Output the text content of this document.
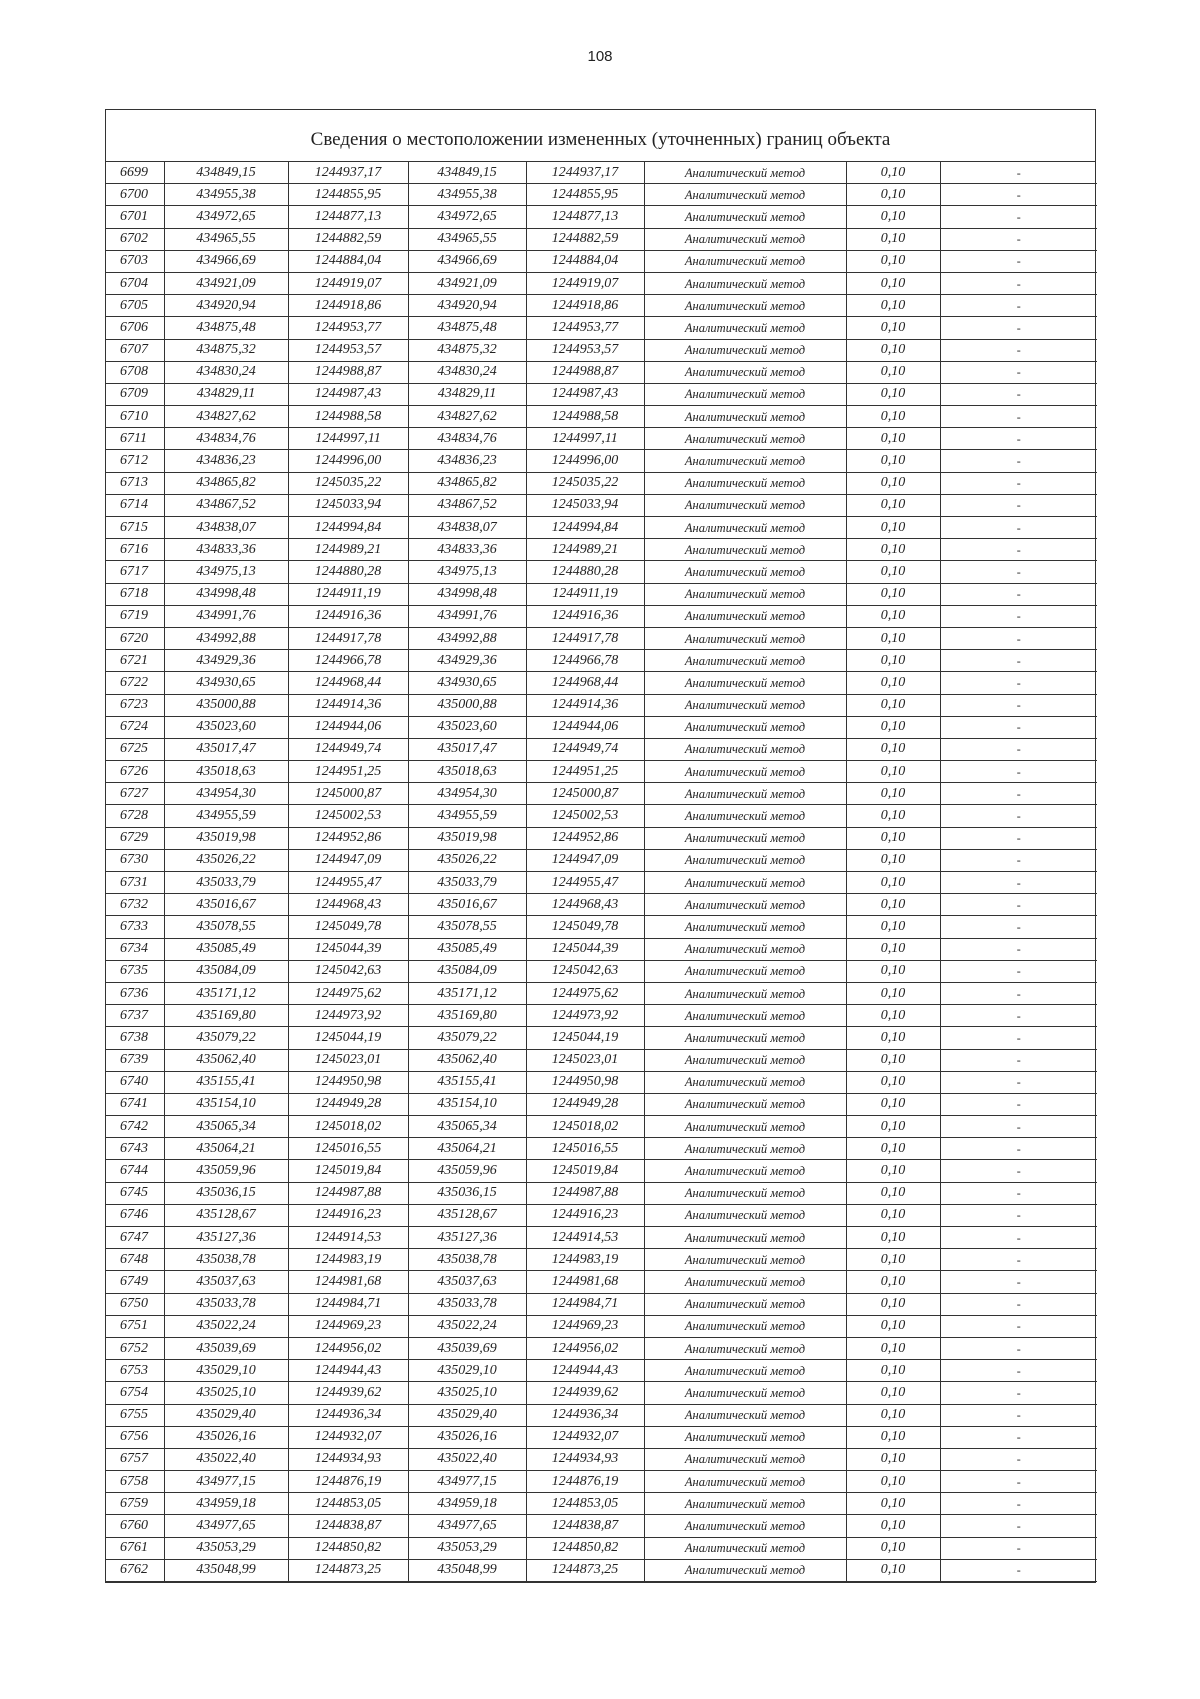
108
Сведения о местоположении измененных (уточненных) границ объекта
6699	434849,15	1244937,17	434849,15	1244937,17	Аналитический метод	0,10	-
6700	434955,38	1244855,95	434955,38	1244855,95	Аналитический метод	0,10	-
6701	434972,65	1244877,13	434972,65	1244877,13	Аналитический метод	0,10	-
6702	434965,55	1244882,59	434965,55	1244882,59	Аналитический метод	0,10	-
6703	434966,69	1244884,04	434966,69	1244884,04	Аналитический метод	0,10	-
6704	434921,09	1244919,07	434921,09	1244919,07	Аналитический метод	0,10	-
6705	434920,94	1244918,86	434920,94	1244918,86	Аналитический метод	0,10	-
6706	434875,48	1244953,77	434875,48	1244953,77	Аналитический метод	0,10	-
6707	434875,32	1244953,57	434875,32	1244953,57	Аналитический метод	0,10	-
6708	434830,24	1244988,87	434830,24	1244988,87	Аналитический метод	0,10	-
6709	434829,11	1244987,43	434829,11	1244987,43	Аналитический метод	0,10	-
6710	434827,62	1244988,58	434827,62	1244988,58	Аналитический метод	0,10	-
6711	434834,76	1244997,11	434834,76	1244997,11	Аналитический метод	0,10	-
6712	434836,23	1244996,00	434836,23	1244996,00	Аналитический метод	0,10	-
6713	434865,82	1245035,22	434865,82	1245035,22	Аналитический метод	0,10	-
6714	434867,52	1245033,94	434867,52	1245033,94	Аналитический метод	0,10	-
6715	434838,07	1244994,84	434838,07	1244994,84	Аналитический метод	0,10	-
6716	434833,36	1244989,21	434833,36	1244989,21	Аналитический метод	0,10	-
6717	434975,13	1244880,28	434975,13	1244880,28	Аналитический метод	0,10	-
6718	434998,48	1244911,19	434998,48	1244911,19	Аналитический метод	0,10	-
6719	434991,76	1244916,36	434991,76	1244916,36	Аналитический метод	0,10	-
6720	434992,88	1244917,78	434992,88	1244917,78	Аналитический метод	0,10	-
6721	434929,36	1244966,78	434929,36	1244966,78	Аналитический метод	0,10	-
6722	434930,65	1244968,44	434930,65	1244968,44	Аналитический метод	0,10	-
6723	435000,88	1244914,36	435000,88	1244914,36	Аналитический метод	0,10	-
6724	435023,60	1244944,06	435023,60	1244944,06	Аналитический метод	0,10	-
6725	435017,47	1244949,74	435017,47	1244949,74	Аналитический метод	0,10	-
6726	435018,63	1244951,25	435018,63	1244951,25	Аналитический метод	0,10	-
6727	434954,30	1245000,87	434954,30	1245000,87	Аналитический метод	0,10	-
6728	434955,59	1245002,53	434955,59	1245002,53	Аналитический метод	0,10	-
6729	435019,98	1244952,86	435019,98	1244952,86	Аналитический метод	0,10	-
6730	435026,22	1244947,09	435026,22	1244947,09	Аналитический метод	0,10	-
6731	435033,79	1244955,47	435033,79	1244955,47	Аналитический метод	0,10	-
6732	435016,67	1244968,43	435016,67	1244968,43	Аналитический метод	0,10	-
6733	435078,55	1245049,78	435078,55	1245049,78	Аналитический метод	0,10	-
6734	435085,49	1245044,39	435085,49	1245044,39	Аналитический метод	0,10	-
6735	435084,09	1245042,63	435084,09	1245042,63	Аналитический метод	0,10	-
6736	435171,12	1244975,62	435171,12	1244975,62	Аналитический метод	0,10	-
6737	435169,80	1244973,92	435169,80	1244973,92	Аналитический метод	0,10	-
6738	435079,22	1245044,19	435079,22	1245044,19	Аналитический метод	0,10	-
6739	435062,40	1245023,01	435062,40	1245023,01	Аналитический метод	0,10	-
6740	435155,41	1244950,98	435155,41	1244950,98	Аналитический метод	0,10	-
6741	435154,10	1244949,28	435154,10	1244949,28	Аналитический метод	0,10	-
6742	435065,34	1245018,02	435065,34	1245018,02	Аналитический метод	0,10	-
6743	435064,21	1245016,55	435064,21	1245016,55	Аналитический метод	0,10	-
6744	435059,96	1245019,84	435059,96	1245019,84	Аналитический метод	0,10	-
6745	435036,15	1244987,88	435036,15	1244987,88	Аналитический метод	0,10	-
6746	435128,67	1244916,23	435128,67	1244916,23	Аналитический метод	0,10	-
6747	435127,36	1244914,53	435127,36	1244914,53	Аналитический метод	0,10	-
6748	435038,78	1244983,19	435038,78	1244983,19	Аналитический метод	0,10	-
6749	435037,63	1244981,68	435037,63	1244981,68	Аналитический метод	0,10	-
6750	435033,78	1244984,71	435033,78	1244984,71	Аналитический метод	0,10	-
6751	435022,24	1244969,23	435022,24	1244969,23	Аналитический метод	0,10	-
6752	435039,69	1244956,02	435039,69	1244956,02	Аналитический метод	0,10	-
6753	435029,10	1244944,43	435029,10	1244944,43	Аналитический метод	0,10	-
6754	435025,10	1244939,62	435025,10	1244939,62	Аналитический метод	0,10	-
6755	435029,40	1244936,34	435029,40	1244936,34	Аналитический метод	0,10	-
6756	435026,16	1244932,07	435026,16	1244932,07	Аналитический метод	0,10	-
6757	435022,40	1244934,93	435022,40	1244934,93	Аналитический метод	0,10	-
6758	434977,15	1244876,19	434977,15	1244876,19	Аналитический метод	0,10	-
6759	434959,18	1244853,05	434959,18	1244853,05	Аналитический метод	0,10	-
6760	434977,65	1244838,87	434977,65	1244838,87	Аналитический метод	0,10	-
6761	435053,29	1244850,82	435053,29	1244850,82	Аналитический метод	0,10	-
6762	435048,99	1244873,25	435048,99	1244873,25	Аналитический метод	0,10	-
